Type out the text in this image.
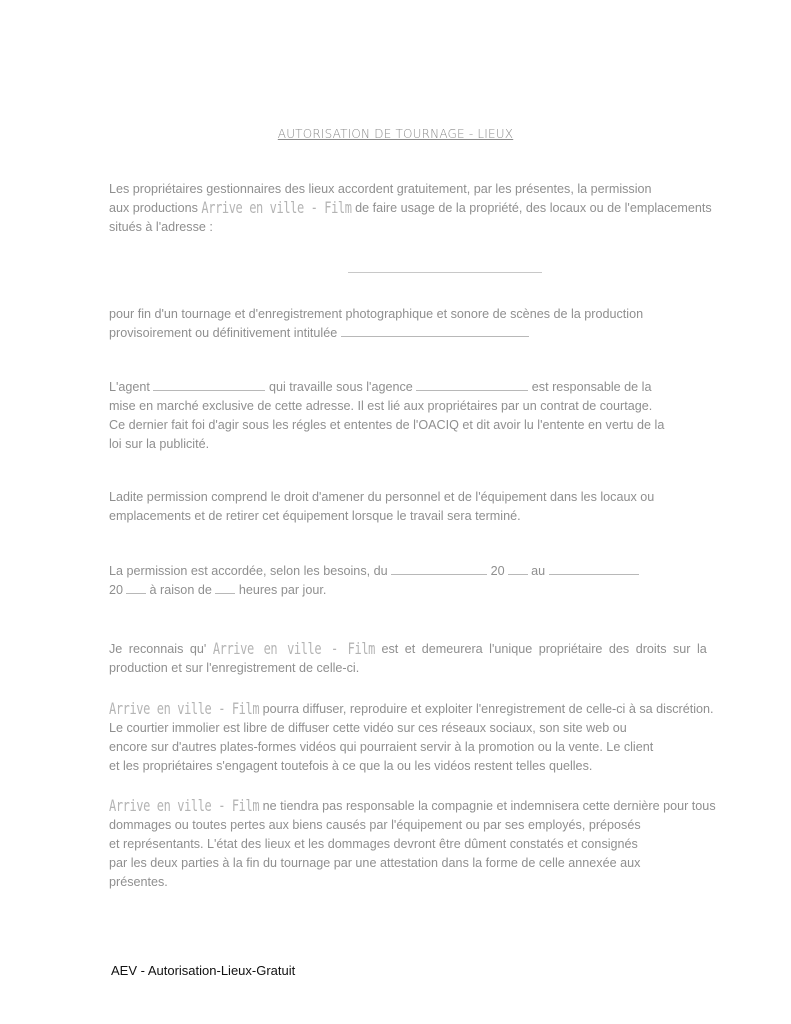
AUTORISATION DE TOURNAGE - LIEUX
Les propriétaires gestionnaires des lieux accordent gratuitement, par les présentes, la permission
aux productions Arrive en ville - Film de faire usage de la propriété, des locaux ou de l'emplacements
situés à l'adresse :
pour fin d'un tournage et d'enregistrement photographique et sonore de scènes de la production
provisoirement ou définitivement intitulée
L'agent	qui travaille sous l'agence	est responsable de la
mise en marché exclusive de cette adresse. Il est lié aux propriétaires par un contrat de courtage.
Ce dernier fait foi d'agir sous les régles et ententes de l'OACIQ et dit avoir lu l'entente en vertu de la
loi sur la publicité.
Ladite permission comprend le droit d'amener du personnel et de l'équipement dans les locaux ou
emplacements et de retirer cet équipement lorsque le travail sera terminé.
La permission est accordée, selon les besoins, du	20 au
20 à raison de heures par jour.
Je reconnais qu' Arrive en ville - Film est et demeurera l'unique propriétaire des droits sur la
production et sur l'enregistrement de celle-ci.
Arrive en ville - Film pourra diffuser, reproduire et exploiter l'enregistrement de celle-ci à sa discrétion.
Le courtier immolier est libre de diffuser cette vidéo sur ces réseaux sociaux, son site web ou
encore sur d'autres plates-formes vidéos qui pourraient servir à la promotion ou la vente. Le client
et les propriétaires s'engagent toutefois à ce que la ou les vidéos restent telles quelles.
Arrive en ville - Film ne tiendra pas responsable la compagnie et indemnisera cette dernière pour tous
dommages ou toutes pertes aux biens causés par l'équipement ou par ses employés, préposés
et représentants. L'état des lieux et les dommages devront être dûment constatés et consignés
par les deux parties à la fin du tournage par une attestation dans la forme de celle annexée aux
présentes.
AEV - Autorisation-Lieux-Gratuit
